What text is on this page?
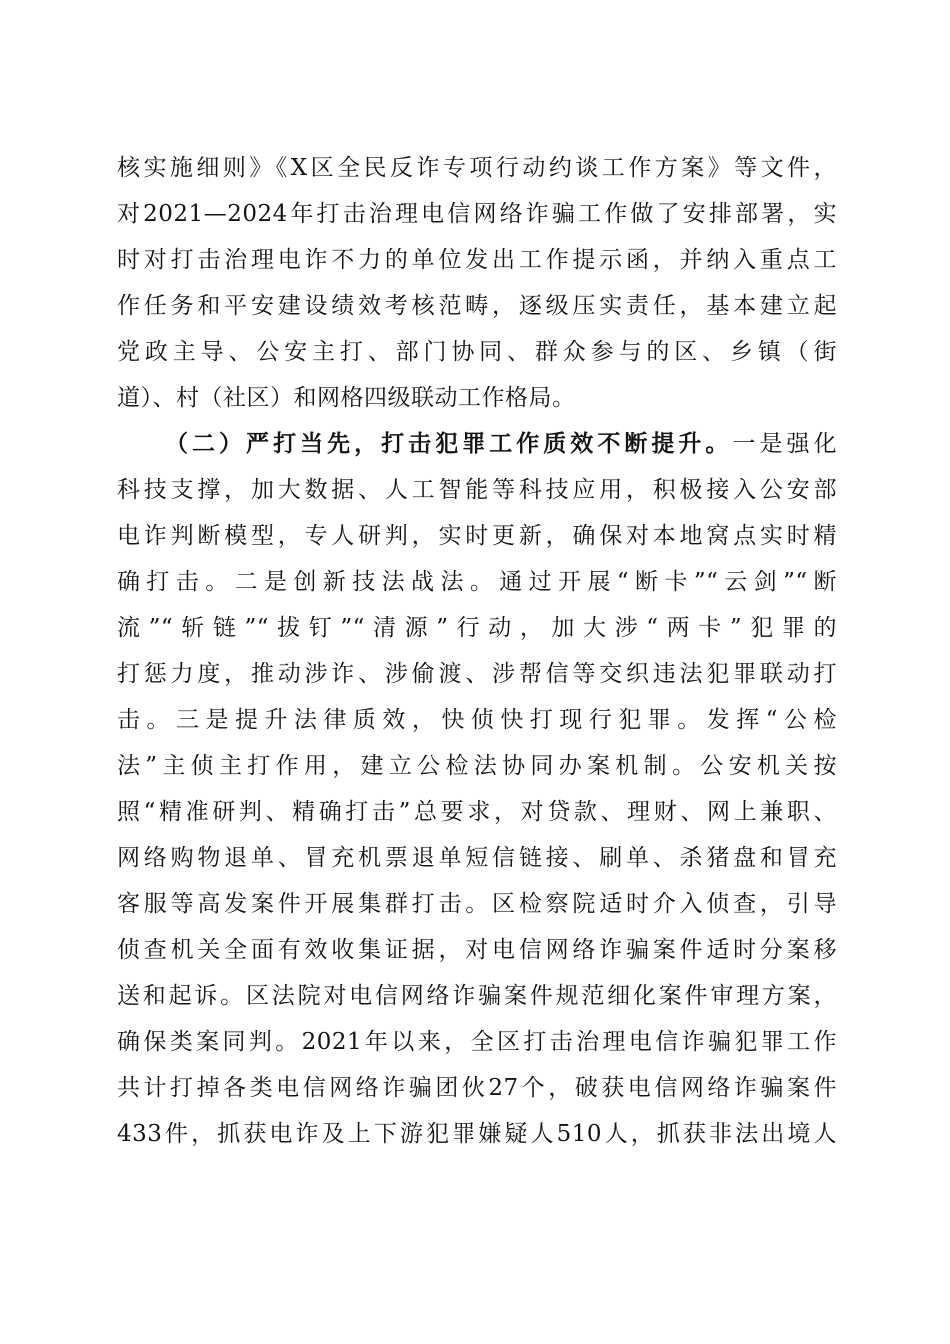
核实施细则》《X区全民反诈专项行动约谈工作方案》等文件，
对2021—2024年打击治理电信网络诈骗工作做了安排部署，实
时对打击治理电诈不力的单位发出工作提示函，并纳入重点工
作任务和平安建设绩效考核范畴，逐级压实责任，基本建立起
党政主导、公安主打、部门协同、群众参与的区、乡镇（街
道）、村（社区）和网格四级联动工作格局。
（二）严打当先，打击犯罪工作质效不断提升。一是强化
科技支撑，加大数据、人工智能等科技应用，积极接入公安部
电诈判断模型，专人研判，实时更新，确保对本地窝点实时精
确打击。二是创新技法战法。通过开展“断卡”“云剑”“断
流”“斩链”“拔钉”“清源”行动，加大涉“两卡”犯罪的
打惩力度，推动涉诈、涉偷渡、涉帮信等交织违法犯罪联动打
击。三是提升法律质效，快侦快打现行犯罪。发挥“公检
法”主侦主打作用，建立公检法协同办案机制。公安机关按
照“精准研判、精确打击”总要求，对贷款、理财、网上兼职、
网络购物退单、冒充机票退单短信链接、刷单、杀猪盘和冒充
客服等高发案件开展集群打击。区检察院适时介入侦查，引导
侦查机关全面有效收集证据，对电信网络诈骗案件适时分案移
送和起诉。区法院对电信网络诈骗案件规范细化案件审理方案，
确保类案同判。2021年以来，全区打击治理电信诈骗犯罪工作
共计打掉各类电信网络诈骗团伙27个，破获电信网络诈骗案件
433件，抓获电诈及上下游犯罪嫌疑人510人，抓获非法出境人
